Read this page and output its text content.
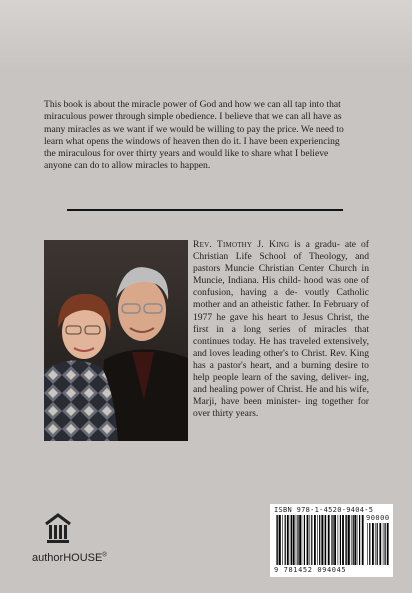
This book is about the miracle power of God and how we can all tap into that
miraculous power through simple obedience. I believe that we can all have as
many miracles as we want if we would be willing to pay the price. We need to
learn what opens the windows of heaven then do it. I have been experiencing
the miraculous for over thirty years and would like to share what I believe
anyone can do to allow miracles to happen.

Rev. Timothy J. King is a gradu- ate of Christian Life School of Theology, and pastors Muncie Christian Center Church in Muncie, Indiana. His child- hood was one of confusion, having a de- voutly Catholic mother and an atheistic father. In February of 1977 he gave his heart to Jesus Christ, the first in a long series of miracles that continues today. He has traveled extensively, and loves leading other's to Christ. Rev. King has a pastor's heart, and a burning desire to help people learn of the saving, deliver- ing, and healing power of Christ. He and his wife, Marji, have been minister- ing together for over thirty years.

authorHOUSE®
ISBN 978-1-4520-9404-5
90000
9 781452 094045
